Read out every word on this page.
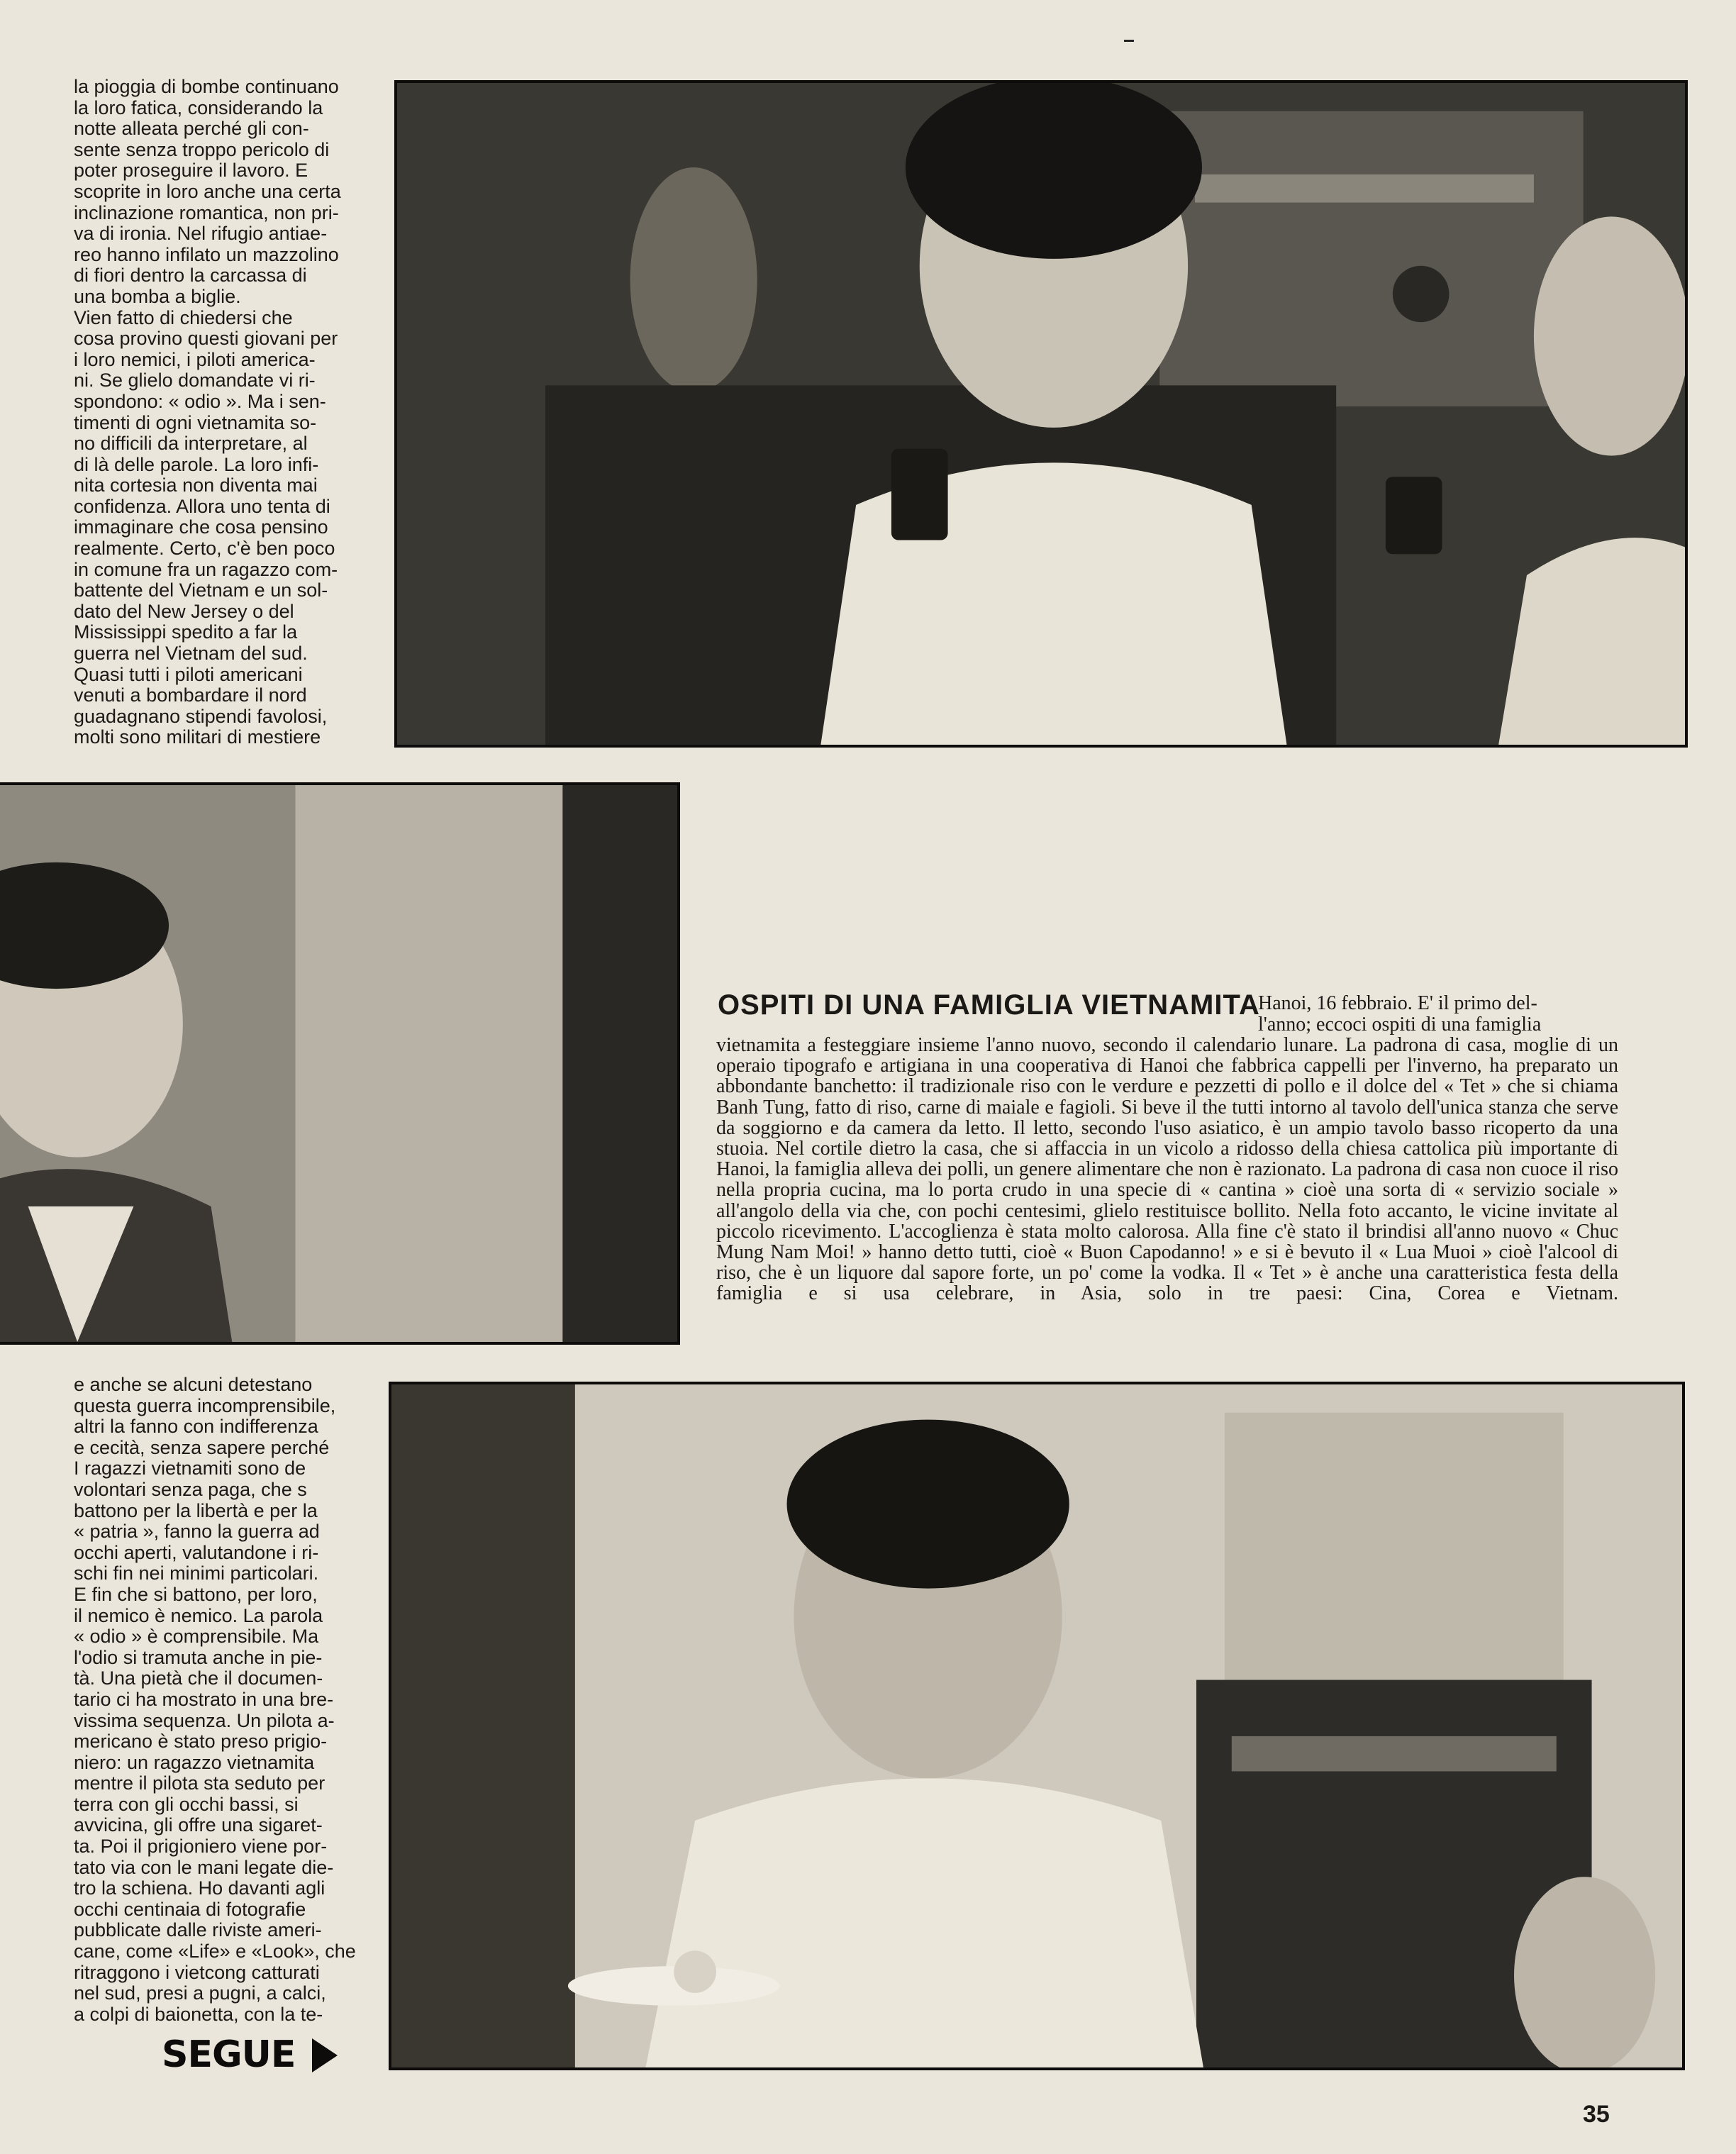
la pioggia di bombe continuano
la loro fatica, considerando la
notte alleata perché gli con-
sente senza troppo pericolo di
poter proseguire il lavoro. E
scoprite in loro anche una certa
inclinazione romantica, non pri-
va di ironia. Nel rifugio antiae-
reo hanno infilato un mazzolino
di fiori dentro la carcassa di
una bomba a biglie.
Vien fatto di chiedersi che
cosa provino questi giovani per
i loro nemici, i piloti america-
ni. Se glielo domandate vi ri-
spondono: « odio ». Ma i sen-
timenti di ogni vietnamita so-
no difficili da interpretare, al
di là delle parole. La loro infi-
nita cortesia non diventa mai
confidenza. Allora uno tenta di
immaginare che cosa pensino
realmente. Certo, c'è ben poco
in comune fra un ragazzo com-
battente del Vietnam e un sol-
dato del New Jersey o del
Mississippi spedito a far la
guerra nel Vietnam del sud.
Quasi tutti i piloti americani
venuti a bombardare il nord
guadagnano stipendi favolosi,
molti sono militari di mestiere

OSPITI DI UNA FAMIGLIA VIETNAMITA

Hanoi, 16 febbraio. E' il primo del-

l'anno; eccoci ospiti di una famiglia

vietnamita a festeggiare insieme l'anno nuovo, secondo il calendario lunare. La padrona di casa, moglie di un operaio tipografo e artigiana in una cooperativa di Hanoi che fabbrica cappelli per l'inverno, ha preparato un abbondante banchetto: il tradizionale riso con le verdure e pezzetti di pollo e il dolce del « Tet » che si chiama Banh Tung, fatto di riso, carne di maiale e fagioli. Si beve il the tutti intorno al tavolo dell'unica stanza che serve da soggiorno e da camera da letto. Il letto, secondo l'uso asiatico, è un ampio tavolo basso ricoperto da una stuoia. Nel cortile dietro la casa, che si affaccia in un vicolo a ridosso della chiesa cattolica più importante di Hanoi, la famiglia alleva dei polli, un genere alimentare che non è razionato. La padrona di casa non cuoce il riso nella propria cucina, ma lo porta crudo in una specie di « cantina » cioè una sorta di « servizio sociale » all'angolo della via che, con pochi centesimi, glielo restituisce bollito. Nella foto accanto, le vicine invitate al piccolo ricevimento. L'accoglienza è stata molto calorosa. Alla fine c'è stato il brindisi all'anno nuovo « Chuc Mung Nam Moi! » hanno detto tutti, cioè « Buon Capodanno! » e si è bevuto il « Lua Muoi » cioè l'alcool di riso, che è un liquore dal sapore forte, un po' come la vodka. Il « Tet » è anche una caratteristica festa della famiglia e si usa celebrare, in Asia, solo in tre paesi: Cina, Corea e Vietnam.

e anche se alcuni detestano
questa guerra incomprensibile,
altri la fanno con indifferenza
e cecità, senza sapere perché
I ragazzi vietnamiti sono de
volontari senza paga, che s
battono per la libertà e per la
« patria », fanno la guerra ad
occhi aperti, valutandone i ri-
schi fin nei minimi particolari.
E fin che si battono, per loro,
il nemico è nemico. La parola
« odio » è comprensibile. Ma
l'odio si tramuta anche in pie-
tà. Una pietà che il documen-
tario ci ha mostrato in una bre-
vissima sequenza. Un pilota a-
mericano è stato preso prigio-
niero: un ragazzo vietnamita
mentre il pilota sta seduto per
terra con gli occhi bassi, si
avvicina, gli offre una sigaret-
ta. Poi il prigioniero viene por-
tato via con le mani legate die-
tro la schiena. Ho davanti agli
occhi centinaia di fotografie
pubblicate dalle riviste ameri-
cane, come «Life» e «Look», che
ritraggono i vietcong catturati
nel sud, presi a pugni, a calci,
a colpi di baionetta, con la te-

SEGUE
35
